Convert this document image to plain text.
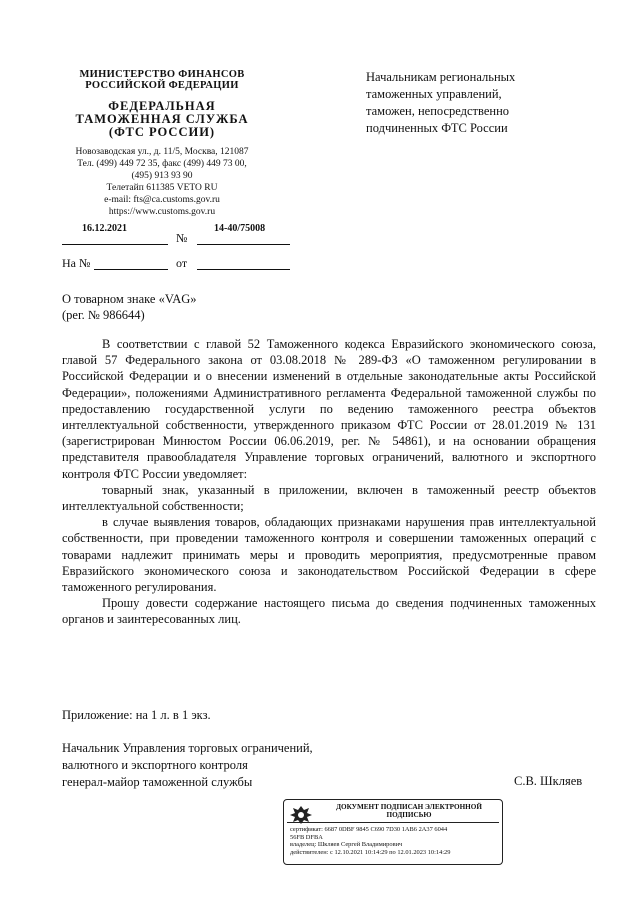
МИНИСТЕРСТВО ФИНАНСОВ
РОССИЙСКОЙ ФЕДЕРАЦИИ
ФЕДЕРАЛЬНАЯ
ТАМОЖЕННАЯ СЛУЖБА
(ФТС РОССИИ)
Новозаводская ул., д. 11/5, Москва, 121087
Тел. (499) 449 72 35, факс (499) 449 73 00,
(495) 913 93 90
Телетайп 611385 VETO RU
e-mail: fts@ca.customs.gov.ru
https://www.customs.gov.ru
16.12.2021
№
14-40/75008
На №	от
Начальникам региональных
таможенных управлений,
таможен, непосредственно
подчиненных ФТС России
О товарном знаке «VAG»
(рег. № 986644)

В соответствии с главой 52 Таможенного кодекса Евразийского экономического союза, главой 57 Федерального закона от 03.08.2018 № 289-ФЗ «О таможенном регулировании в Российской Федерации и о внесении изменений в отдельные законодательные акты Российской Федерации», положениями Административного регламента Федеральной таможенной службы по предоставлению государственной услуги по ведению таможенного реестра объектов интеллектуальной собственности, утвержденного приказом ФТС России от 28.01.2019 № 131 (зарегистрирован Минюстом России 06.06.2019, рег. № 54861), и на основании обращения представителя правообладателя Управление торговых ограничений, валютного и экспортного контроля ФТС России уведомляет:

товарный знак, указанный в приложении, включен в таможенный реестр объектов интеллектуальной собственности;

в случае выявления товаров, обладающих признаками нарушения прав интеллектуальной собственности, при проведении таможенного контроля и совершении таможенных операций с товарами надлежит принимать меры и проводить мероприятия, предусмотренные правом Евразийского экономического союза и законодательством Российской Федерации в сфере таможенного регулирования.

Прошу довести содержание настоящего письма до сведения подчиненных таможенных органов и заинтересованных лиц.

Приложение: на 1 л. в 1 экз.
Начальник Управления торговых ограничений,
валютного и экспортного контроля
генерал-майор таможенной службы	С.В. Шкляев
ДОКУМЕНТ ПОДПИСАН ЭЛЕКТРОННОЙ
ПОДПИСЬЮ
сертификат: 6687 0DBF 9845 C690 7D30 1AB6 2A37 6044
56FB DFBA
владелец: Шкляев Сергей Владимирович
действителен: с 12.10.2021 10:14:29 по 12.01.2023 10:14:29
